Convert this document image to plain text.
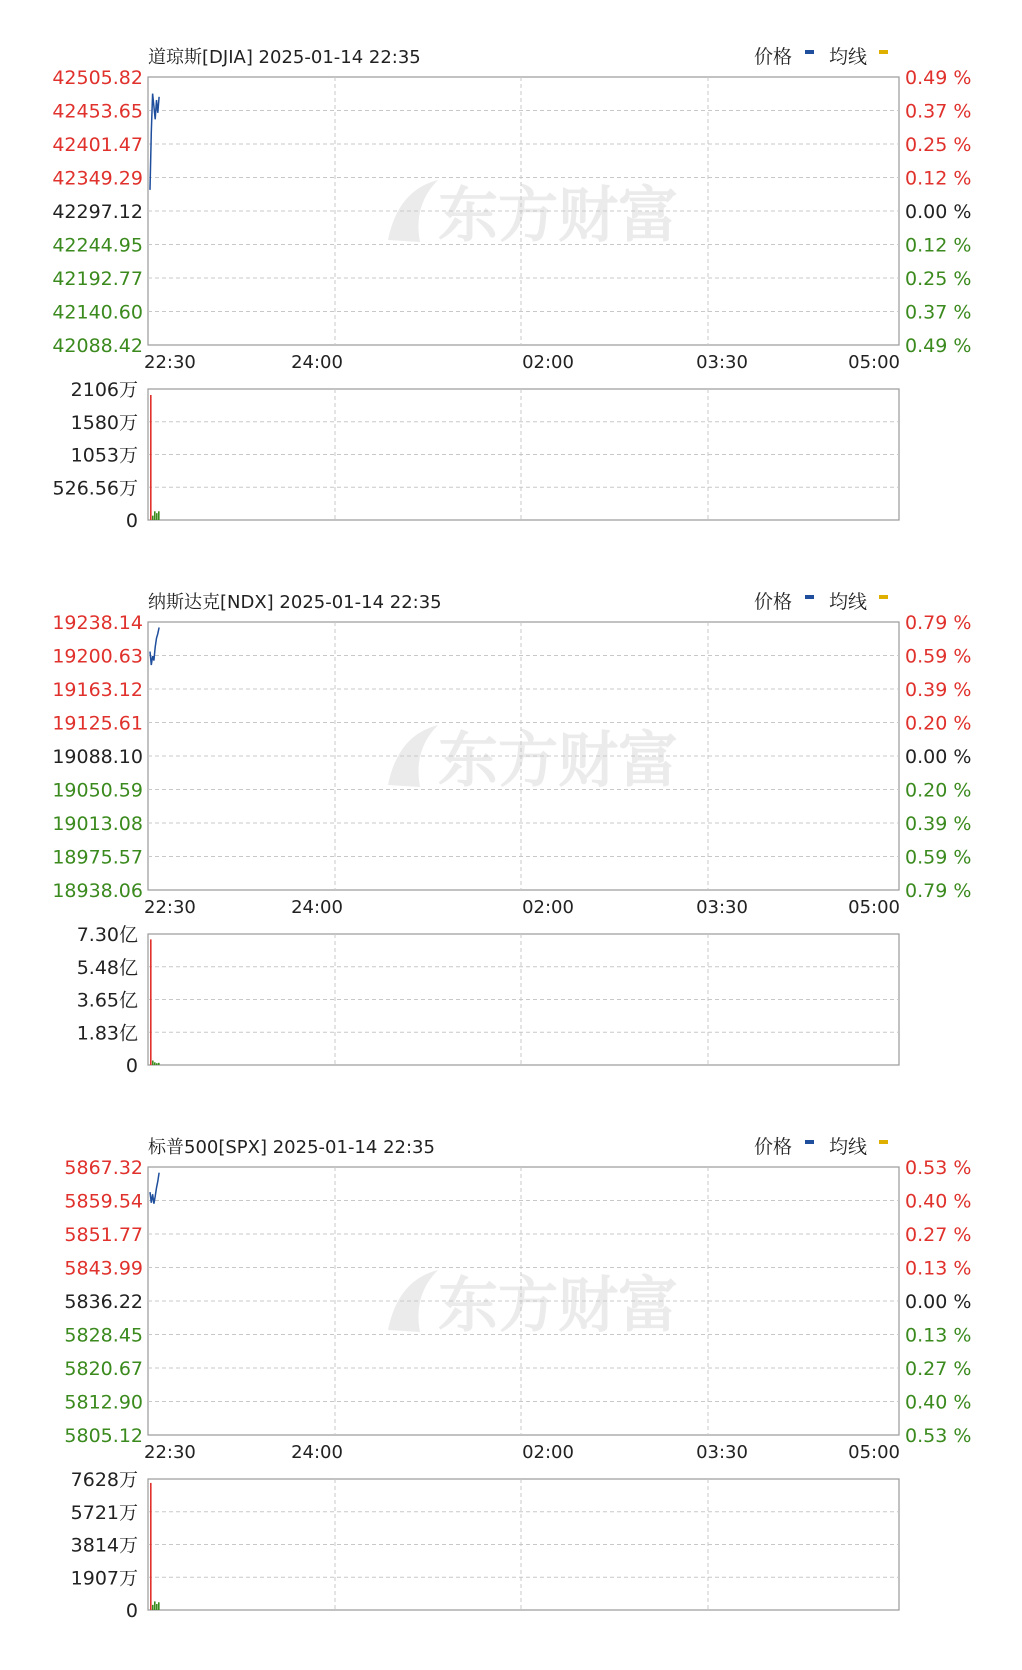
道琼斯[DJIA] 2025-01-14 22:35	价格 均线
东方财富
42505.82	0.49 %
42453.65	0.37 %
42401.47	0.25 %
42349.29	0.12 %
42297.12	0.00 %
42244.95	0.12 %
42192.77	0.25 %
42140.60	0.37 %
42088.42	0.49 %
22:30	24:00	02:00	03:30	05:00
2106万
1580万
1053万
526.56万
0
纳斯达克[NDX] 2025-01-14 22:35	价格 均线
东方财富
19238.14	0.79 %
19200.63	0.59 %
19163.12	0.39 %
19125.61	0.20 %
19088.10	0.00 %
19050.59	0.20 %
19013.08	0.39 %
18975.57	0.59 %
18938.06	0.79 %
22:30	24:00	02:00	03:30	05:00
7.30亿
5.48亿
3.65亿
1.83亿
0
标普500[SPX] 2025-01-14 22:35	价格 均线
东方财富
5867.32	0.53 %
5859.54	0.40 %
5851.77	0.27 %
5843.99	0.13 %
5836.22	0.00 %
5828.45	0.13 %
5820.67	0.27 %
5812.90	0.40 %
5805.12	0.53 %
22:30	24:00	02:00	03:30	05:00
7628万
5721万
3814万
1907万
0
